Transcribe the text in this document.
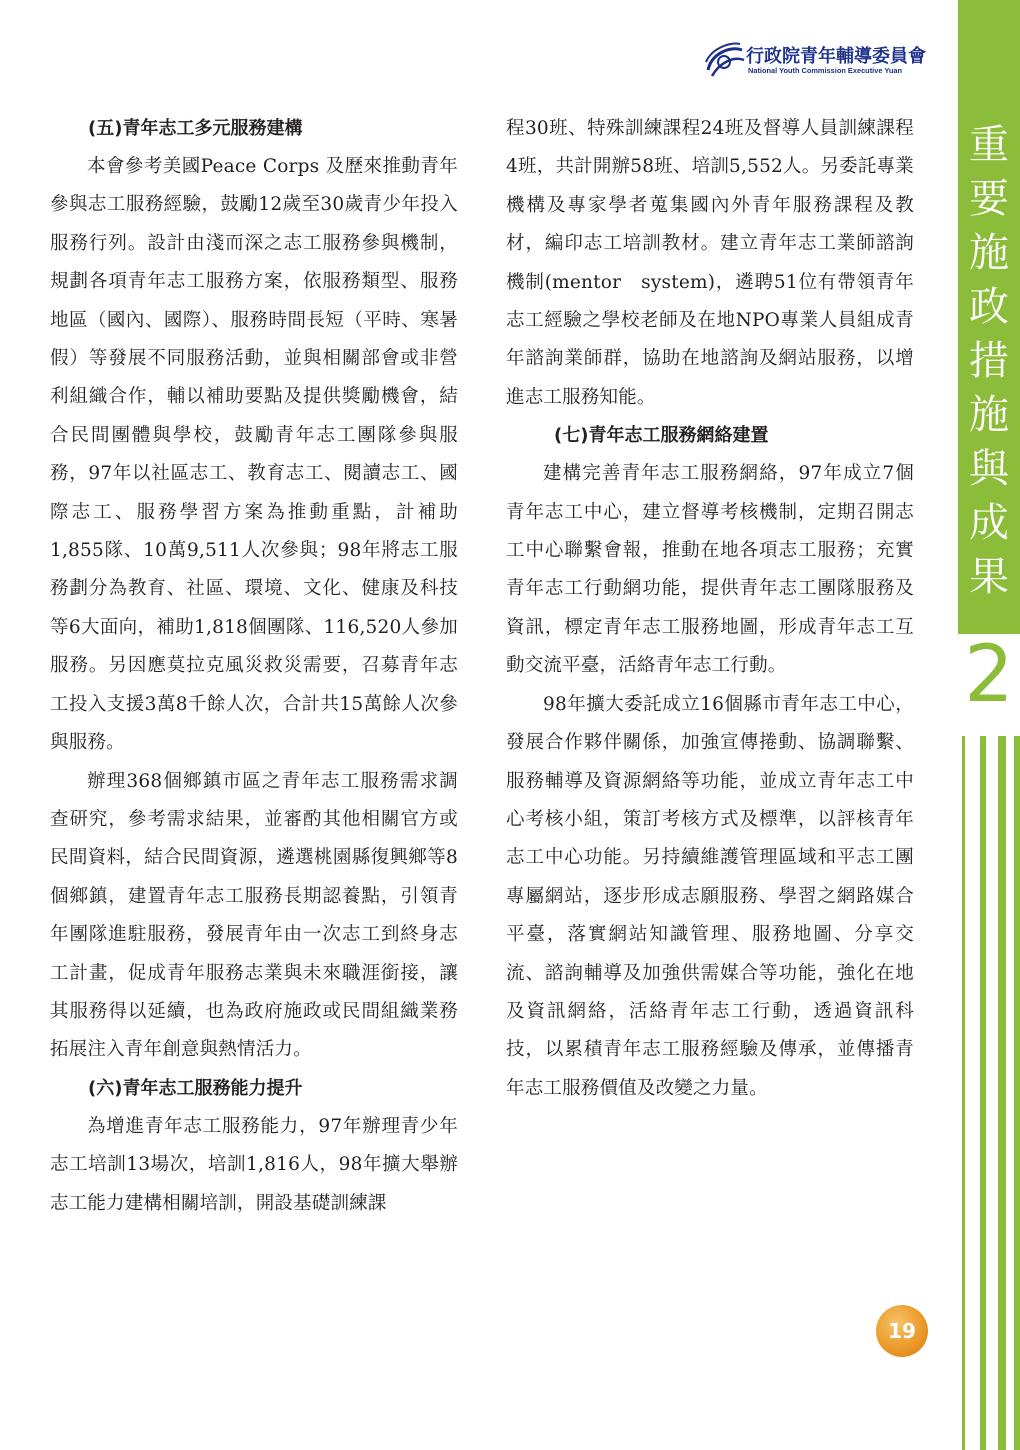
行政院青年輔導委員會
National Youth Commission Executive Yuan
重
要
施
政
措
施
與
成
果
2

(五)青年志工多元服務建構

本會參考美國Peace Corps 及歷來推動青年參與志工服務經驗，鼓勵12歲至30歲青少年投入服務行列。設計由淺而深之志工服務參與機制，規劃各項青年志工服務方案，依服務類型、服務地區（國內、國際）、服務時間長短（平時、寒暑假）等發展不同服務活動，並與相關部會或非營利組織合作，輔以補助要點及提供獎勵機會，結合民間團體與學校，鼓勵青年志工團隊參與服務，97年以社區志工、教育志工、閱讀志工、國際志工、服務學習方案為推動重點，計補助1,855隊、10萬9,511人次參與；98年將志工服務劃分為教育、社區、環境、文化、健康及科技等6大面向，補助1,818個團隊、116,520人參加服務。另因應莫拉克風災救災需要，召募青年志工投入支援3萬8千餘人次，合計共15萬餘人次參與服務。

辦理368個鄉鎮市區之青年志工服務需求調查研究，參考需求結果，並審酌其他相關官方或民間資料，結合民間資源，遴選桃園縣復興鄉等8個鄉鎮，建置青年志工服務長期認養點，引領青年團隊進駐服務，發展青年由一次志工到終身志工計畫，促成青年服務志業與未來職涯銜接，讓其服務得以延續，也為政府施政或民間組織業務拓展注入青年創意與熱情活力。

(六)青年志工服務能力提升

為增進青年志工服務能力，97年辦理青少年志工培訓13場次，培訓1,816人，98年擴大舉辦志工能力建構相關培訓，開設基礎訓練課

程30班、特殊訓練課程24班及督導人員訓練課程4班，共計開辦58班、培訓5,552人。另委託專業機構及專家學者蒐集國內外青年服務課程及教材，編印志工培訓教材。建立青年志工業師諮詢機制(mentor　system)，遴聘51位有帶領青年志工經驗之學校老師及在地NPO專業人員組成青年諮詢業師群，協助在地諮詢及網站服務，以增進志工服務知能。

(七)青年志工服務網絡建置

建構完善青年志工服務網絡，97年成立7個青年志工中心，建立督導考核機制，定期召開志工中心聯繫會報，推動在地各項志工服務；充實青年志工行動網功能，提供青年志工團隊服務及資訊，標定青年志工服務地圖，形成青年志工互動交流平臺，活絡青年志工行動。

98年擴大委託成立16個縣市青年志工中心，發展合作夥伴關係，加強宣傳捲動、協調聯繫、服務輔導及資源網絡等功能，並成立青年志工中心考核小組，策訂考核方式及標準，以評核青年志工中心功能。另持續維護管理區域和平志工團專屬網站，逐步形成志願服務、學習之網路媒合平臺，落實網站知識管理、服務地圖、分享交流、諮詢輔導及加強供需媒合等功能，強化在地及資訊網絡，活絡青年志工行動，透過資訊科技，以累積青年志工服務經驗及傳承，並傳播青年志工服務價值及改變之力量。

19
